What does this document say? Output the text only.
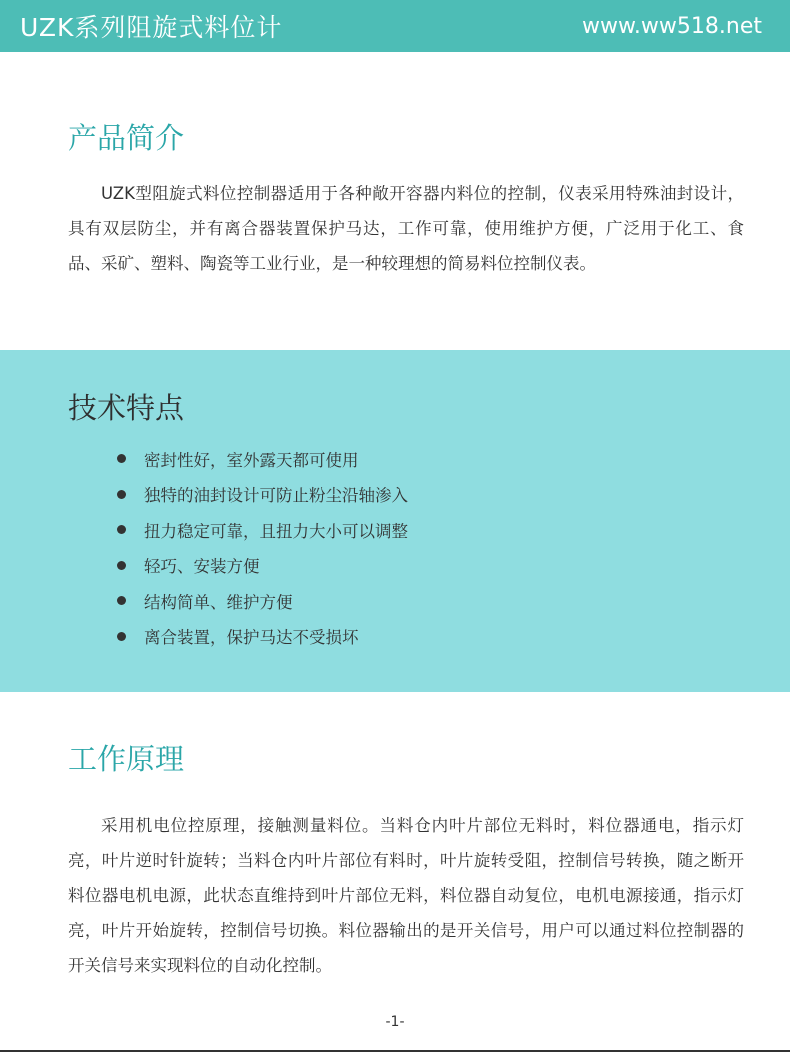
UZK系列阻旋式料位计	www.ww518.net
产品简介

UZK型阻旋式料位控制器适用于各种敞开容器内料位的控制，仪表采用特殊油封设计，具有双层防尘，并有离合器装置保护马达，工作可靠，使用维护方便，广泛用于化工、食品、采矿、塑料、陶瓷等工业行业，是一种较理想的简易料位控制仪表。

技术特点
密封性好，室外露天都可使用
独特的油封设计可防止粉尘沿轴渗入
扭力稳定可靠，且扭力大小可以调整
轻巧、安装方便
结构简单、维护方便
离合装置，保护马达不受损坏
工作原理

采用机电位控原理，接触测量料位。当料仓内叶片部位无料时，料位器通电，指示灯亮，叶片逆时针旋转；当料仓内叶片部位有料时，叶片旋转受阻，控制信号转换，随之断开料位器电机电源，此状态直维持到叶片部位无料，料位器自动复位，电机电源接通，指示灯亮，叶片开始旋转，控制信号切换。料位器输出的是开关信号，用户可以通过料位控制器的开关信号来实现料位的自动化控制。

-1-
